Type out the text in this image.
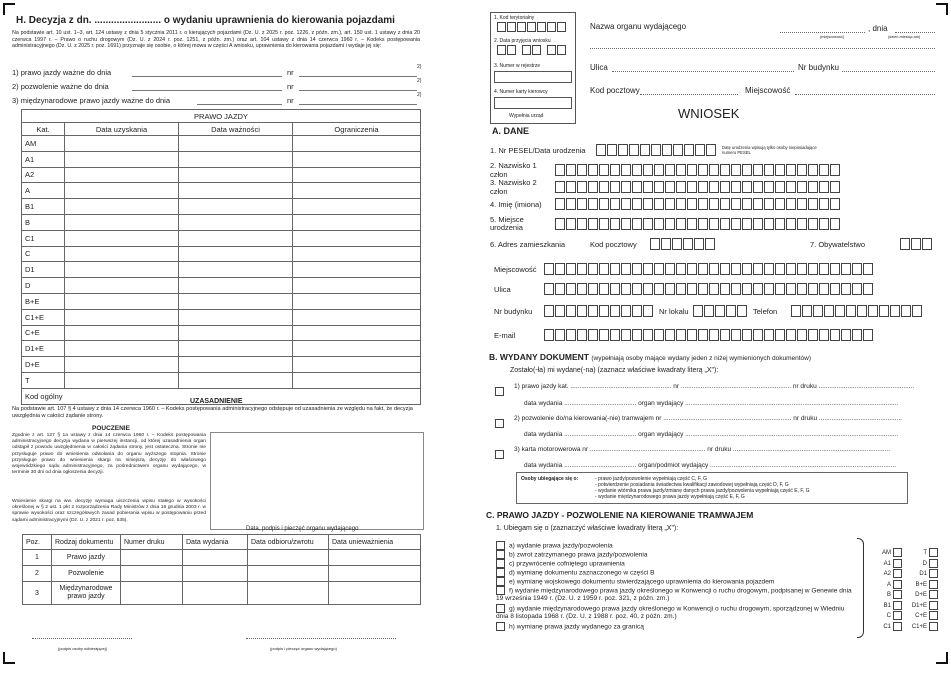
H. Decyzja z dn. ........................ o wydaniu uprawnienia do kierowania pojazdami
Na podstawie art. 10 ust. 1–3, art. 124 ustawy z dnia 5 stycznia 2011 r. o kierujących pojazdami (Dz. U. z 2025 r. poz. 1226, z późn. zm.), art. 150 ust. 1 ustawy z dnia 20 czerwca 1997 r. – Prawo o ruchu drogowym (Dz. U. z 2024 r. poz. 1251, z późn. zm.) oraz art. 104 ustawy z dnia 14 czerwca 1960 r. – Kodeks postępowania administracyjnego (Dz. U. z 2025 r. poz. 1691) przyznaje się osobie, o której mowa w części A wniosku, uprawnienia do kierowania pojazdami i wydaje jej się:
1) prawo jazdy ważne do dnia	nr
2)
2) pozwolenie ważne do dnia	nr
2)
3) międzynarodowe prawo jazdy ważne do dnia	nr
2)
PRAWO JAZDY			
Kat.	Data uzyskania	Data ważności	Ograniczenia
AM			
A1			
A2			
A			
B1			
B			
C1			
C			
D1			
D			
B+E			
C1+E			
C+E			
D1+E			
D+E			
T			
Kod ogólny			
UZASADNIENIE
Na podstawie art. 107 § 4 ustawy z dnia 14 czerwca 1960 r. – Kodeks postępowania administracyjnego odstępuje od uzasadnienia ze względu na fakt, że decyzja uwzględnia w całości żądanie strony.
POUCZENIE
Zgodnie z art. 127 § 1a ustawy z dnia 14 czerwca 1960 r. – Kodeks postępowania administracyjnego decyzja wydana w pierwszej instancji, od której uzasadnienia organ odstąpił z powodu uwzględnienia w całości żądania strony, jest ostateczna. Stronie nie przysługuje prawo do wniesienia odwołania do organu wyższego stopnia. Stronie przysługuje prawo do wniesienia skargi na niniejszą decyzję do właściwego wojewódzkiego sądu administracyjnego, za pośrednictwem organu wydającego, w terminie 30 dni od dnia ogłoszenia decyzji.
Wniesienie skargi na ww. decyzję wymaga uiszczenia wpisu stałego w wysokości określonej w § 2 ust. 1 pkt 2 rozporządzenia Rady Ministrów z dnia 16 grudnia 2003 r. w sprawie wysokości oraz szczegółowych zasad pobierania wpisu w postępowaniu przed sądami administracyjnymi (Dz. U. z 2021 r. poz. 535).
Data, podpis i pieczęć organu wydającego
Poz.	Rodzaj dokumentu	Numer druku	Data wydania	Data odbioru/zwrotu	Data unieważnienia
1	Prawo jazdy				
2	Pozwolenie				
3	Międzynarodowe prawo jazdy				
(podpis osoby odbierającej)	(podpis i pieczęć organu wydającego)
1. Kod terytorialny
2. Data przyjęcia wniosku
3. Numer w rejestrze
4. Numer karty kierowcy
Wypełnia urząd
Nazwa organu wydającego	, dnia
(miejscowość)	(dzień-miesiąc-rok)
Ulica	Nr budynku
Kod pocztowy	Miejscowość
WNIOSEK
A. DANE
1. Nr PESEL/Data urodzenia	Datę urodzenia wpisują tylko osoby nieposiadające numeru PESEL
2. Nazwisko 1 człon
3. Nazwisko 2 człon
4. Imię (imiona)
5. Miejsce urodzenia
6. Adres zamieszkania	Kod pocztowy	7. Obywatelstwo
Miejscowość
Ulica
Nr budynku	Nr lokalu	Telefon
E-mail
B. WYDANY DOKUMENT (wypełniają osoby mające wydany jeden z niżej wymienionych dokumentów)
Zostało(-ła) mi wydane(-na) (zaznacz właściwe kwadraty literą „X"):
1) prawo jazdy kat. ........................................................ nr ............................................................. nr druku .....................................................
data wydania ........................................ organ wydający ......................................................................................................................
2) pozwolenie do/na kierowania(-nie) tramwajem nr ....................................................................... nr druku ..............................................
data wydania ........................................ organ wydający ......................................................................................................................
3) karta motorowerowa nr ................................................................ nr druku .......................................................................................
data wydania ........................................ organ/podmiot wydający .......................................................................................................
Osoby ubiegające się o:	- prawo jazdy/pozwolenie wypełniają część C, F, G
- potwierdzenie posiadania świadectwa kwalifikacji zawodowej wypełniają część D, F, G
- wydanie wtórnika prawa jazdy/zmianę danych prawa jazdy/pozwolenia wypełniają część E, F, G
- wydanie międzynarodowego prawa jazdy wypełniają część E, F, G
C. PRAWO JAZDY - POZWOLENIE NA KIEROWANIE TRAMWAJEM
1. Ubiegam się o (zaznaczyć właściwe kwadraty literą „X"):
a) wydanie prawa jazdy/pozwolenia
b) zwrot zatrzymanego prawa jazdy/pozwolenia
c) przywrócenie cofniętego uprawnienia
d) wymianę dokumentu zaznaczonego w części B
e) wymianę wojskowego dokumentu stwierdzającego uprawnienia do kierowania pojazdem
f) wydanie międzynarodowego prawa jazdy określonego w Konwencji o ruchu drogowym, podpisanej w Genewie dnia 19 września 1949 r. (Dz. U. z 1959 r. poz. 321, z późn. zm.)
g) wydanie międzynarodowego prawa jazdy określonego w Konwencji o ruchu drogowym, sporządzonej w Wiedniu dnia 8 listopada 1968 r. (Dz. U. z 1988 r. poz. 40, z późn. zm.)
h) wymianę prawa jazdy wydanego za granicą
AM	T
A1	D
A2	D1
A	B+E
B	D+E
B1	D1+E
C	C+E
C1	C1+E
